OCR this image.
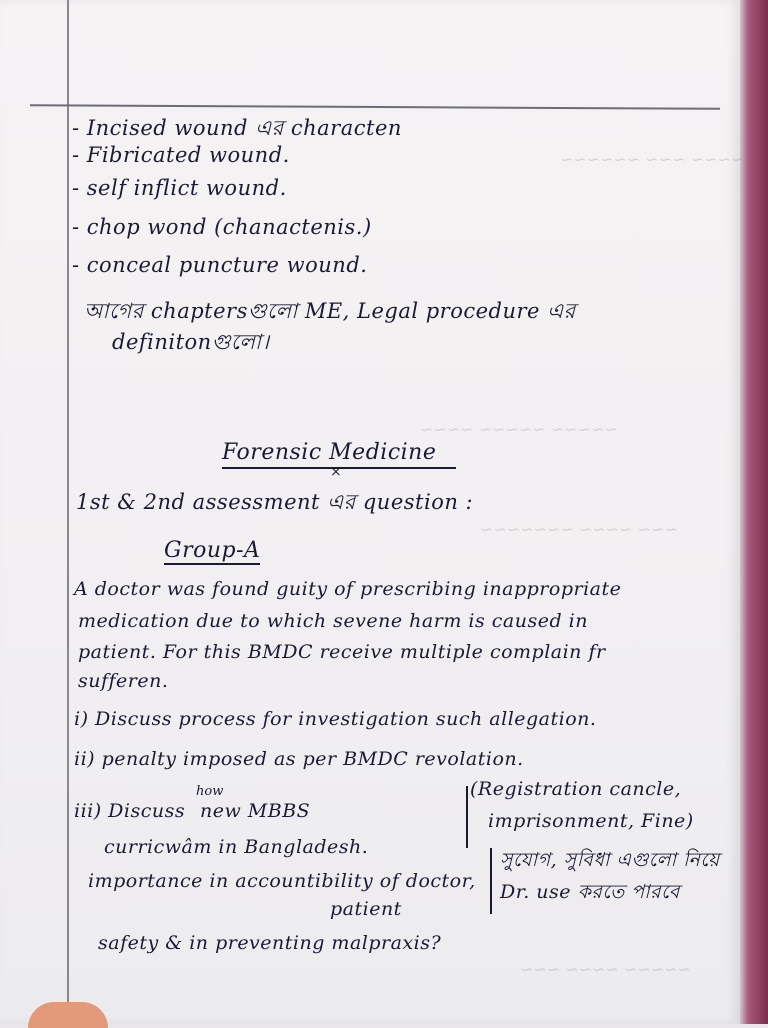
~~~~ ~~~ ~~~~~~
~~~~~ ~~~~~ ~~~~
~~~ ~~~~ ~~~~~~~
~~~~~ ~~~~ ~~~
- Incised wound এর characten
- Fibricated wound.
- self inflict wound.
- chop wond (chanactenis.)
- conceal puncture wound.
আগের chaptersগুলো ME, Legal procedure এর
definitonগুলো।
Forensic Medicine
×
1st & 2nd assessment এর question :
Group-A
A doctor was found guity of prescribing inappropriate
medication due to which sevene harm is caused in
patient. For this BMDC receive multiple complain fr
sufferen.
i) Discuss process for investigation such allegation.
ii) penalty imposed as per BMDC revolation.
iii) Discuss
how
new MBBS
curricwâm in Bangladesh.
importance in accountibility of doctor,
patient
safety & in preventing malpraxis?
(Registration cancle,
imprisonment, Fine)
সুযোগ, সুবিধা এগুলো নিয়ে
Dr. use করতে পারবে
